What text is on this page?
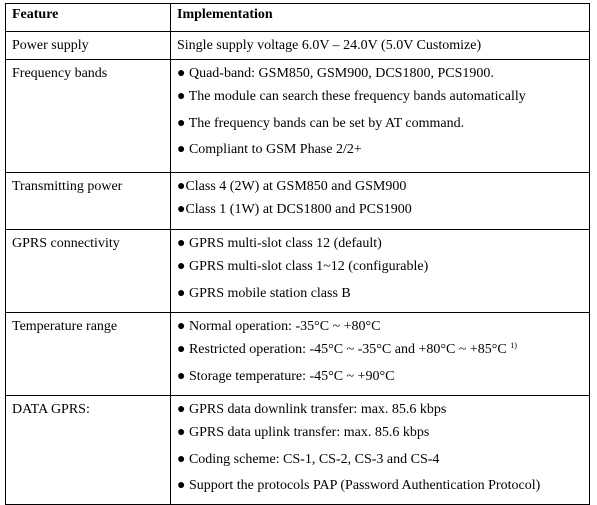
Feature	Implementation
Power supply	Single supply voltage 6.0V – 24.0V (5.0V Customize)

Frequency bands	● Quad-band: GSM850, GSM900, DCS1800, PCS1900.
● The module can search these frequency bands automatically
● The frequency bands can be set by AT command.
● Compliant to GSM Phase 2/2+

Transmitting power	●Class 4 (2W) at GSM850 and GSM900
●Class 1 (1W) at DCS1800 and PCS1900

GPRS connectivity	● GPRS multi-slot class 12 (default)
● GPRS multi-slot class 1~12 (configurable)
● GPRS mobile station class B

Temperature range	● Normal operation: -35°C ~ +80°C
● Restricted operation: -45°C ~ -35°C and +80°C ~ +85°C $^{1)}$
● Storage temperature: -45°C ~ +90°C

DATA GPRS:	● GPRS data downlink transfer: max. 85.6 kbps
● GPRS data uplink transfer: max. 85.6 kbps
● Coding scheme: CS-1, CS-2, CS-3 and CS-4
● Support the protocols PAP (Password Authentication Protocol)
